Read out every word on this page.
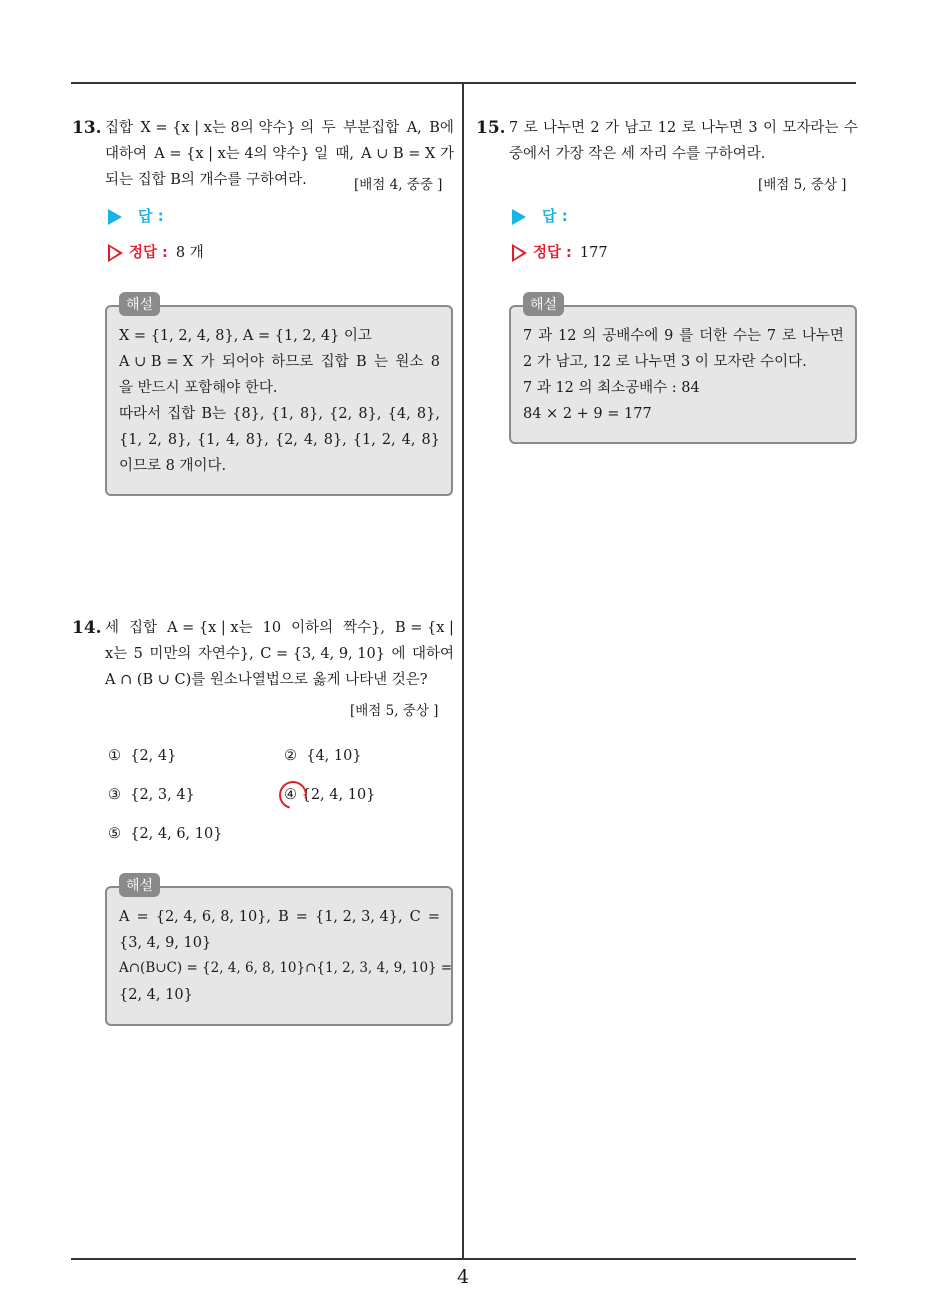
4
13. 집합 X = {x | x는 8의 약수} 의 두 부분집합 A, B에
대하여 A = {x | x는 4의 약수} 일 때, A ∪ B = X 가
되는 집합 B의 개수를 구하여라.	[배점 4, 중중 ]
답 :
정답 : 8 개
해설
X = {1, 2, 4, 8}, A = {1, 2, 4} 이고
A ∪ B = X 가 되어야 하므로 집합 B 는 원소 8
을 반드시 포함해야 한다.
따라서 집합 B는 {8}, {1, 8}, {2, 8}, {4, 8},
{1, 2, 8}, {1, 4, 8}, {2, 4, 8}, {1, 2, 4, 8}
이므로 8 개이다.
14. 세 집합 A = {x | x는 10 이하의 짝수}, B = {x |
x는 5 미만의 자연수}, C = {3, 4, 9, 10} 에 대하여
A ∩ (B ∪ C)를 원소나열법으로 옳게 나타낸 것은?
[배점 5, 중상 ]
① {2, 4}	② {4, 10}
③ {2, 3, 4}	④ {2, 4, 10}
⑤ {2, 4, 6, 10}
해설
A = {2, 4, 6, 8, 10}, B = {1, 2, 3, 4}, C =
{3, 4, 9, 10}
A∩(B∪C) = {2, 4, 6, 8, 10}∩{1, 2, 3, 4, 9, 10} =
{2, 4, 10}
15. 7 로 나누면 2 가 남고 12 로 나누면 3 이 모자라는 수
중에서 가장 작은 세 자리 수를 구하여라.
[배점 5, 중상 ]
답 :
정답 : 177
해설
7 과 12 의 공배수에 9 를 더한 수는 7 로 나누면
2 가 남고, 12 로 나누면 3 이 모자란 수이다.
7 과 12 의 최소공배수 : 84
84 × 2 + 9 = 177
